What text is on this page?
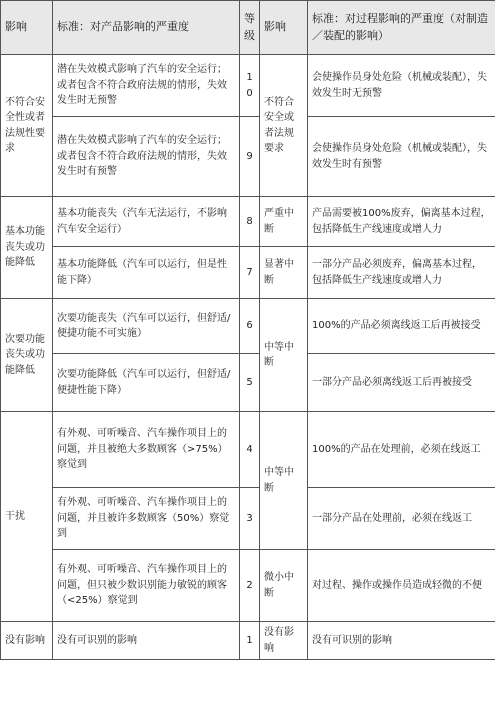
影响	标准：对产品影响的严重度	等级	影响	标准：对过程影响的严重度（对制造／装配的影响）
不符合安全性或者法规性要求	潜在失效模式影响了汽车的安全运行；或者包含不符合政府法规的情形，失效发生时无预警	10	不符合安全或者法规要求	会使操作员身处危险（机械或装配），失效发生时无预警
	潜在失效模式影响了汽车的安全运行；或者包含不符合政府法规的情形，失效发生时有预警	9		会使操作员身处危险（机械或装配），失效发生时有预警
基本功能丧失或功能降低	基本功能丧失（汽车无法运行，不影响汽车安全运行）	8	严重中断	产品需要被100%废弃，偏离基本过程，包括降低生产线速度或增人力
	基本功能降低（汽车可以运行，但是性能下降）	7	显著中断	一部分产品必须废弃，偏离基本过程，包括降低生产线速度或增人力
次要功能丧失或功能降低	次要功能丧失（汽车可以运行，但舒适/便捷功能不可实施）	6	中等中断	100%的产品必须离线返工后再被接受
	次要功能降低（汽车可以运行，但舒适/便捷性能下降）	5		一部分产品必须离线返工后再被接受
干扰	有外观、可听噪音、汽车操作项目上的问题，并且被绝大多数顾客（>75%）察觉到	4	中等中断	100%的产品在处理前，必须在线返工
	有外观、可听噪音、汽车操作项目上的问题，并且被许多数顾客（50%）察觉到	3		一部分产品在处理前，必须在线返工
	有外观、可听噪音、汽车操作项目上的问题，但只被少数识别能力敏锐的顾客（<25%）察觉到	2	微小中断	对过程、操作或操作员造成轻微的不便
没有影响	没有可识别的影响	1	没有影响	没有可识别的影响
